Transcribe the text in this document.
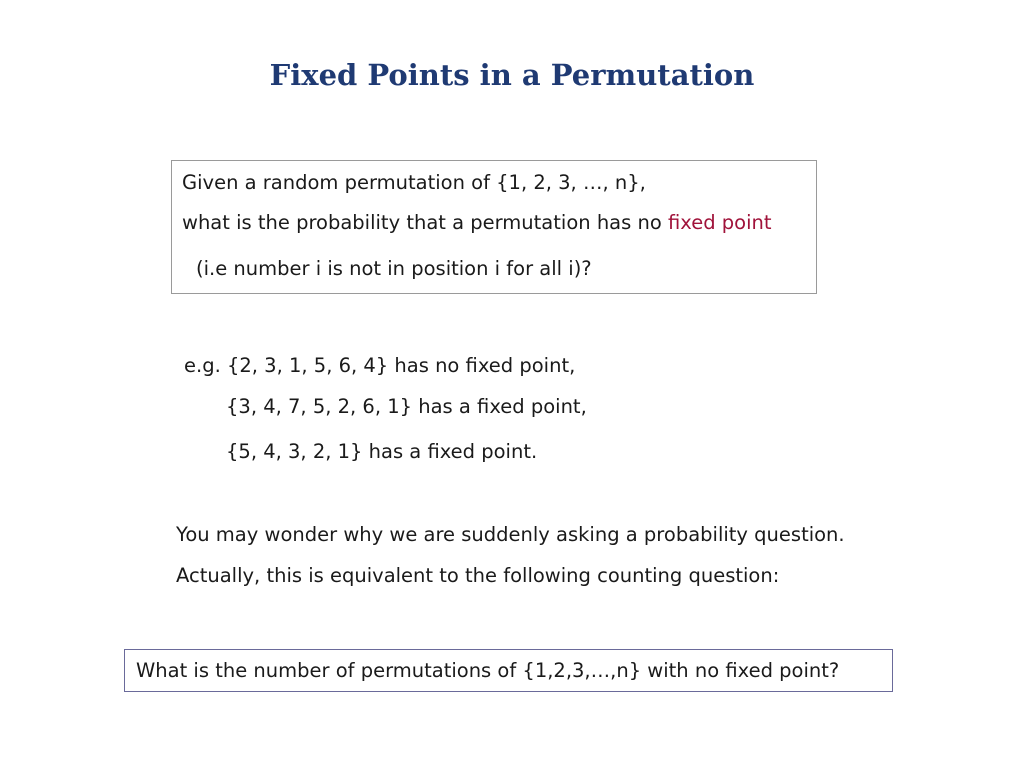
Fixed Points in a Permutation
Given a random permutation of {1, 2, 3, …, n},
what is the probability that a permutation has no fixed point
(i.e number i is not in position i for all i)?
e.g. {2, 3, 1, 5, 6, 4} has no fixed point,
{3, 4, 7, 5, 2, 6, 1} has a fixed point,
{5, 4, 3, 2, 1} has a fixed point.
You may wonder why we are suddenly asking a probability question.
Actually, this is equivalent to the following counting question:
What is the number of permutations of {1,2,3,…,n} with no fixed point?
